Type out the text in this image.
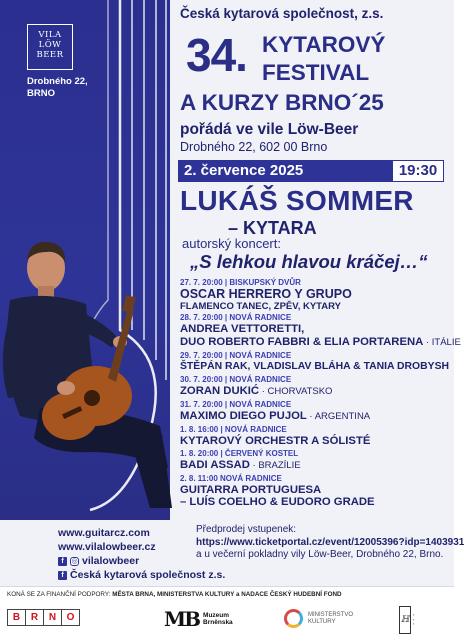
VILA
LÖW
BEER
Drobného 22,
BRNO
Česká kytarová společnost, z.s.
34. KYTAROVÝ
FESTIVAL
A KURZY BRNO´25
pořádá ve vile Löw-Beer
Drobného 22, 602 00 Brno
2. července 2025	19:30
LUKÁŠ SOMMER
– KYTARA
autorský koncert:
„S lehkou hlavou kráčej…“
27. 7. 20:00 | BISKUPSKÝ DVŮR
OSCAR HERRERO Y GRUPO
FLAMENCO TANEC, ZPĚV, KYTARY
28. 7. 20:00 | NOVÁ RADNICE
ANDREA VETTORETTI,
DUO ROBERTO FABBRI & ELIA PORTARENA · ITÁLIE
29. 7. 20:00 | NOVÁ RADNICE
ŠTĚPÁN RAK, VLADISLAV BLÁHA & TANIA DROBYSH
30. 7. 20:00 | NOVÁ RADNICE
ZORAN DUKIĆ · CHORVATSKO
31. 7. 20:00 | NOVÁ RADNICE
MAXIMO DIEGO PUJOL · ARGENTINA
1. 8. 16:00 | NOVÁ RADNICE
KYTAROVÝ ORCHESTR A SÓLISTÉ
1. 8. 20:00 | ČERVENÝ KOSTEL
BADI ASSAD · BRAZÍLIE
2. 8. 11:00 NOVÁ RADNICE
GUITARRA PORTUGUESA
– LUÍS COELHO & EUDORO GRADE
www.guitarcz.com
www.vilalowbeer.cz
f	◎ vilalowbeer
f Česká kytarová společnost z.s.
Předprodej vstupenek:
https://www.ticketportal.cz/event/12005396?idp=1403931
a u večerní pokladny vily Löw-Beer, Drobného 22, Brno.
KONÁ SE ZA FINANČNÍ PODPORY: MĚSTA BRNA, MINISTERSTVA KULTURY a NADACE ČESKÝ HUDEBNÍ FOND
B	R	N	O	MB Muzeum
Brněnska
MINISTERSTVO
KULTURY	ℍ	▪
▪
▪
